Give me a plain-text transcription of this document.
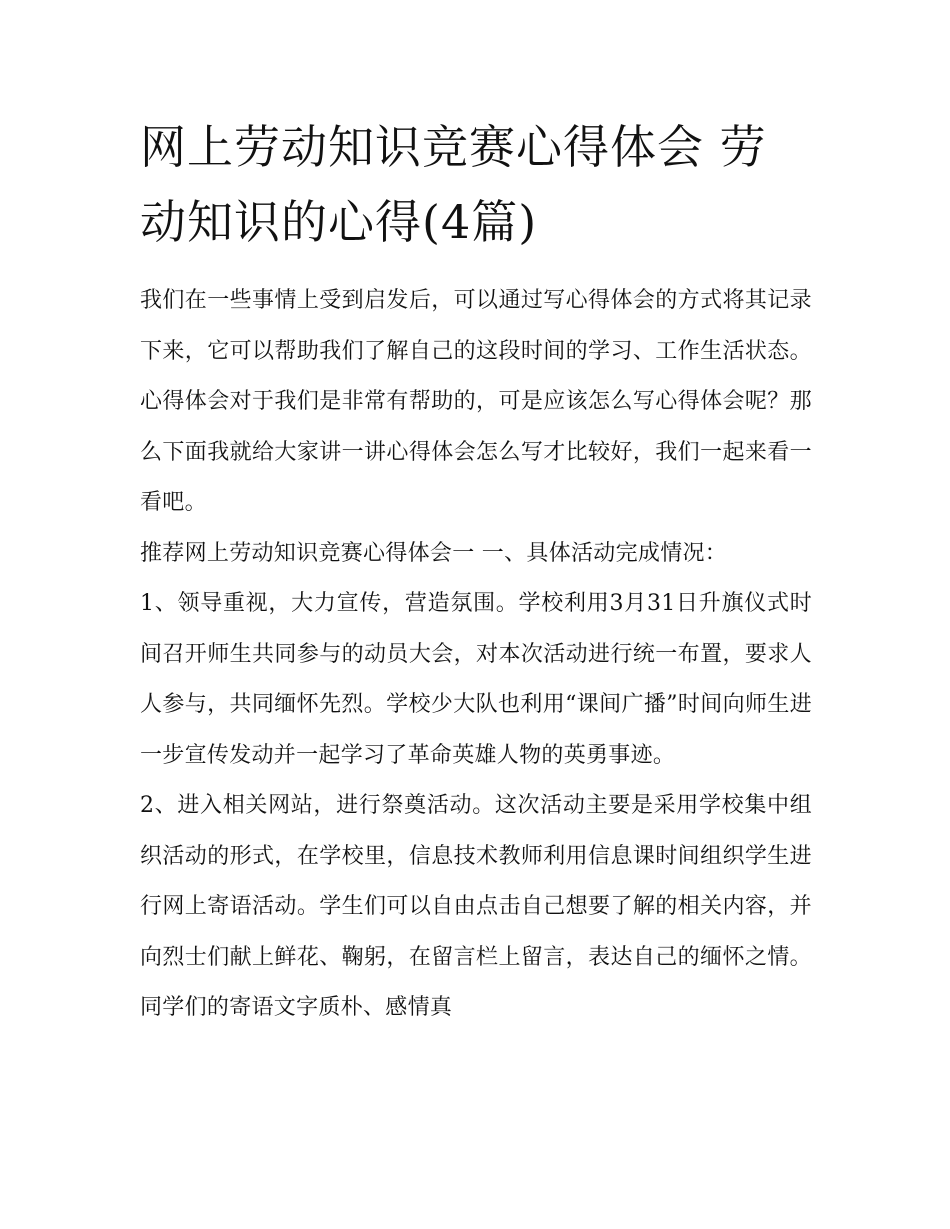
网上劳动知识竞赛心得体会 劳动知识的心得(4篇)

我们在一些事情上受到启发后，可以通过写心得体会的方式将其记录下来，它可以帮助我们了解自己的这段时间的学习、工作生活状态。心得体会对于我们是非常有帮助的，可是应该怎么写心得体会呢？那么下面我就给大家讲一讲心得体会怎么写才比较好，我们一起来看一看吧。

推荐网上劳动知识竞赛心得体会一 一、具体活动完成情况：

1、领导重视，大力宣传，营造氛围。学校利用3月31日升旗仪式时间召开师生共同参与的动员大会，对本次活动进行统一布置，要求人人参与，共同缅怀先烈。学校少大队也利用“课间广播”时间向师生进一步宣传发动并一起学习了革命英雄人物的英勇事迹。

2、进入相关网站，进行祭奠活动。这次活动主要是采用学校集中组织活动的形式，在学校里，信息技术教师利用信息课时间组织学生进行网上寄语活动。学生们可以自由点击自己想要了解的相关内容，并向烈士们献上鲜花、鞠躬，在留言栏上留言，表达自己的缅怀之情。同学们的寄语文字质朴、感情真
